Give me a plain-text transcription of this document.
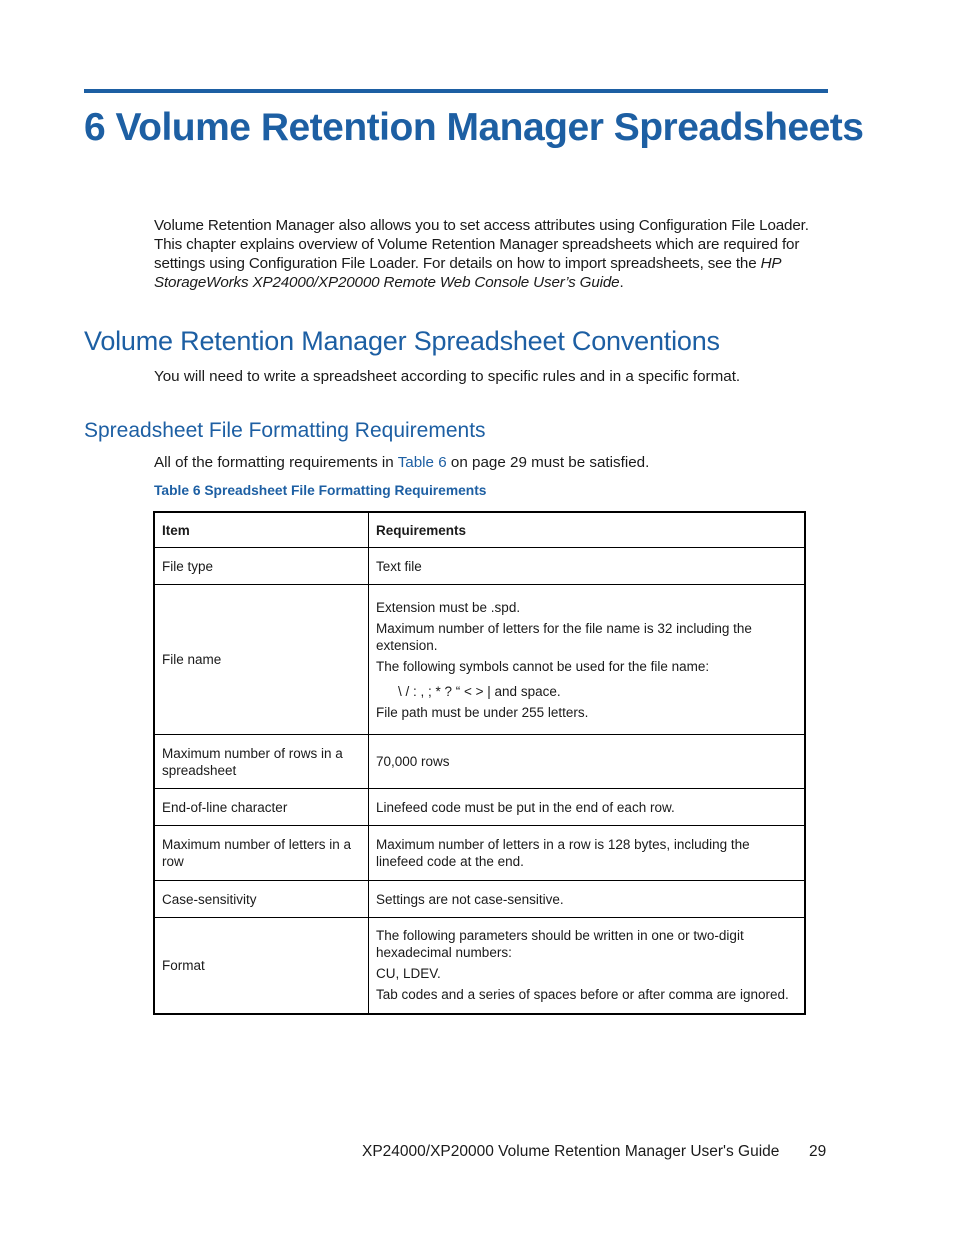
6 Volume Retention Manager Spreadsheets

Volume Retention Manager also allows you to set access attributes using Configuration File Loader. This chapter explains overview of Volume Retention Manager spreadsheets which are required for settings using Configuration File Loader. For details on how to import spreadsheets, see the HP StorageWorks XP24000/XP20000 Remote Web Console User’s Guide.

Volume Retention Manager Spreadsheet Conventions

You will need to write a spreadsheet according to specific rules and in a specific format.

Spreadsheet File Formatting Requirements

All of the formatting requirements in Table 6 on page 29 must be satisfied.

Table 6 Spreadsheet File Formatting Requirements

Item	Requirements
File type	Text file

File name	Extension must be .spd.

Maximum number of letters for the file name is 32 including the extension.

The following symbols cannot be used for the file name:

\ / : , ; * ? “ < > | and space.

File path must be under 255 letters.

Maximum number of rows in a spreadsheet	70,000 rows

End-of-line character	Linefeed code must be put in the end of each row.

Maximum number of letters in a row	Maximum number of letters in a row is 128 bytes, including the linefeed code at the end.

Case-sensitivity	Settings are not case-sensitive.

Format	The following parameters should be written in one or two-digit hexadecimal numbers:

CU, LDEV.

Tab codes and a series of spaces before or after comma are ignored.

XP24000/XP20000 Volume Retention Manager User's Guide 29
